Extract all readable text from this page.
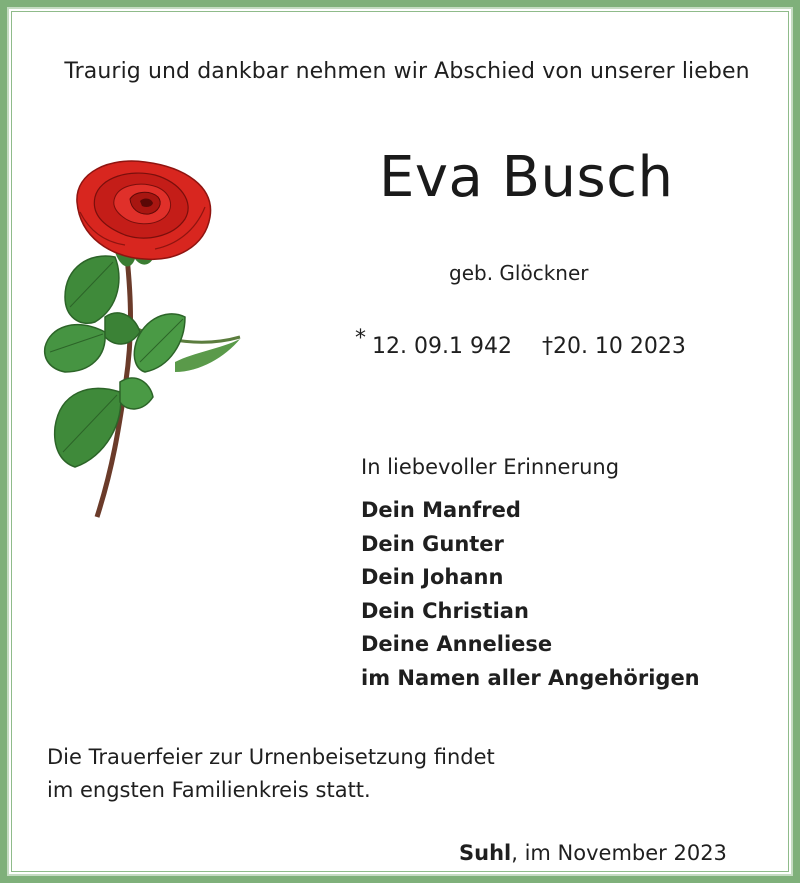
Traurig und dankbar nehmen wir Abschied von unserer lieben
Eva Busch
geb. Glöckner
* 12. 09.1 942 †20. 10 2023
In liebevoller Erinnerung
Dein Manfred
Dein Gunter
Dein Johann
Dein Christian
Deine Anneliese
im Namen aller Angehörigen
Die Trauerfeier zur Urnenbeisetzung findet
im engsten Familienkreis statt.
Suhl, im November 2023
